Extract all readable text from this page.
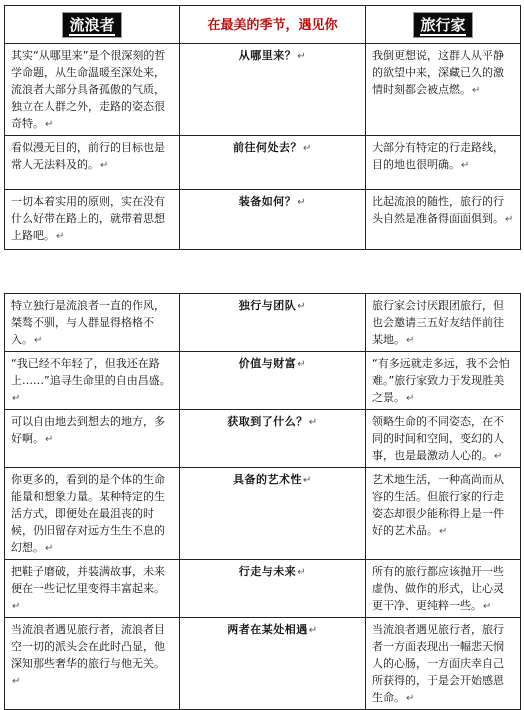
流浪者	在最美的季节，遇见你	旅行家
其实“从哪里来”是个很深刻的哲学命题，从生命温暖至深处来，流浪者大部分具备孤傲的气质，独立在人群之外，走路的姿态很奇特。↵	从哪里来？↵	我倒更想说，这群人从平静的欲望中来，深藏已久的激情时刻都会被点燃。↵
看似漫无目的，前行的目标也是常人无法料及的。↵	前往何处去？↵	大部分有特定的行走路线，目的地也很明确。↵
一切本着实用的原则，实在没有什么好带在路上的，就带着思想上路吧。↵	装备如何？↵	比起流浪的随性，旅行的行头自然是准备得面面俱到。↵
特立独行是流浪者一直的作风，桀骜不驯，与人群显得格格不入。↵	独行与团队↵	旅行家会讨厌跟团旅行，但也会邀请三五好友结伴前往某地。↵
“我已经不年轻了，但我还在路上……”追寻生命里的自由昌盛。↵	价值与财富↵	“有多远就走多远，我不会怕难。”旅行家致力于发现胜美之景。↵
可以自由地去到想去的地方，多好啊。↵	获取到了什么？↵	领略生命的不同姿态，在不同的时间和空间，变幻的人事，也是最激动人心的。↵
你更多的，看到的是个体的生命能量和想象力量。某种特定的生活方式，即便处在最沮丧的时候，仍旧留存对远方生生不息的幻想。↵	具备的艺术性↵	艺术地生活，一种高尚而从容的生活。但旅行家的行走姿态却很少能称得上是一件好的艺术品。↵
把鞋子磨破，并装满故事，未来便在一些记忆里变得丰富起来。↵	行走与未来↵	所有的旅行都应该抛开一些虚伪、做作的形式，让心灵更干净、更纯粹一些。↵
当流浪者遇见旅行者，流浪者目空一切的派头会在此时凸显，他深知那些奢华的旅行与他无关。↵	两者在某处相遇↵	当流浪者遇见旅行者，旅行者一方面表现出一幅悲天悯人的心肠，一方面庆幸自己所获得的，于是会开始感恩生命。↵
